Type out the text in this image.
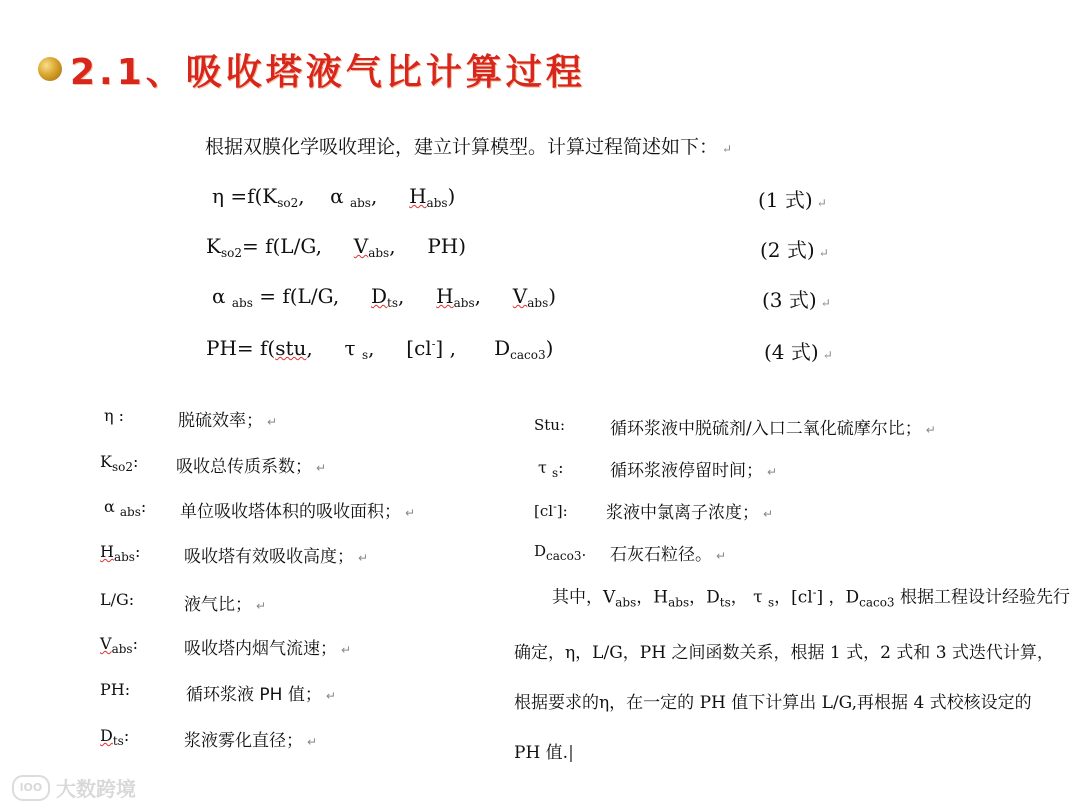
2.1、吸收塔液气比计算过程
根据双膜化学吸收理论，建立计算模型。计算过程简述如下： ↵
$\eta =f(K_{so2}$,    α $_{abs}$,     $H_{abs}$)	(1 式) ↵
$K_{so2}= f(L/G$,     $V_{abs}$,     PH)	(2 式) ↵
α $_{abs}$ = f(L/G,     $D_{ts}$,     $H_{abs}$,     $V_{abs}$)	(3 式) ↵
PH= f(stu,     τ $_s$,     [cl-] ,      $D_{caco3}$)	(4 式) ↵
η :	脱硫效率； ↵
$K_{so2}$: 吸收总传质系数； ↵
α $_{abs}$: 单位吸收塔体积的吸收面积； ↵
$H_{abs}$:	吸收塔有效吸收高度； ↵
L/G:	液气比； ↵
$V_{abs}$:	吸收塔内烟气流速； ↵
PH:	循环浆液 PH 值； ↵
$D_{ts}$:	浆液雾化直径； ↵
Stu:	循环浆液中脱硫剂/入口二氧化硫摩尔比； ↵
τ $_s$:	循环浆液停留时间； ↵
[cl-]: 浆液中氯离子浓度； ↵
$D_{caco3}$. 石灰石粒径。 ↵

其中，$V_{abs}$，$H_{abs}$，$D_{ts}$， τ $_s$，[cl-] ，$D_{caco3}$ 根据工程设计经验先行

确定，η，L/G，PH 之间函数关系，根据 1 式，2 式和 3 式迭代计算，

根据要求的η，在一定的 PH 值下计算出 L/G,再根据 4 式校核设定的

PH 值.|

lOO 大数跨境
